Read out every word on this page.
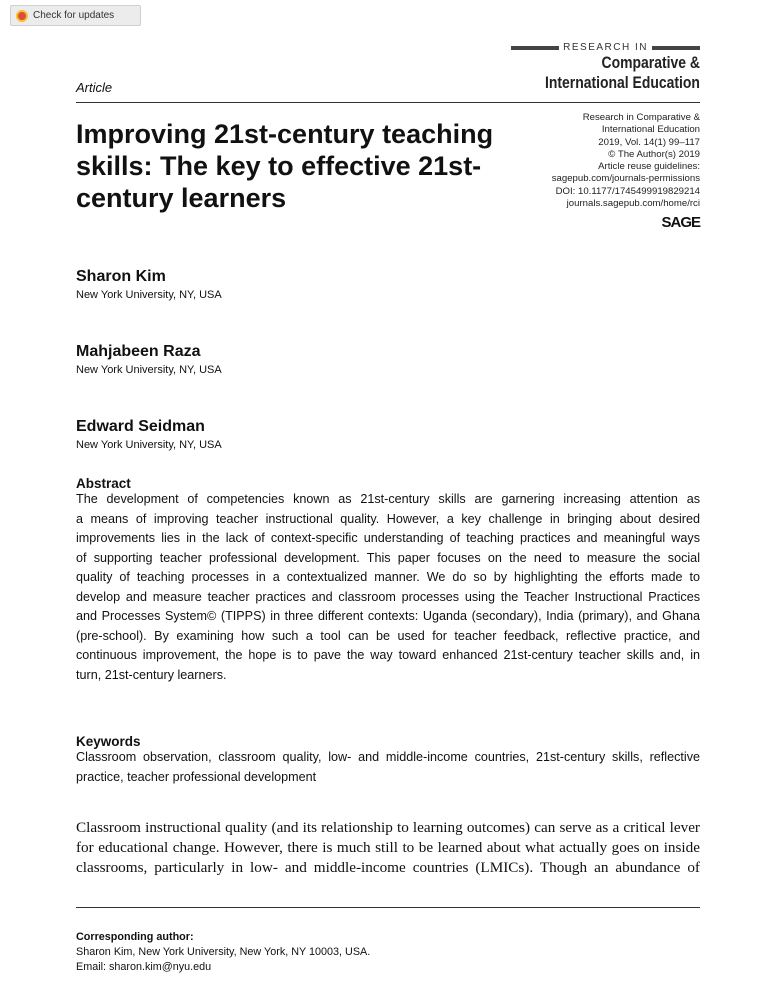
Check for updates
RESEARCH IN
Comparative &
International Education
Article
Improving 21st-century teaching
skills: The key to effective 21st-
century learners
Research in Comparative &
International Education
2019, Vol. 14(1) 99–117
© The Author(s) 2019
Article reuse guidelines:
sagepub.com/journals-permissions
DOI: 10.1177/1745499919829214
journals.sagepub.com/home/rci
SAGE
Sharon Kim
New York University, NY, USA
Mahjabeen Raza
New York University, NY, USA
Edward Seidman
New York University, NY, USA
Abstract
The development of competencies known as 21st-century skills are garnering increasing attention as
a means of improving teacher instructional quality. However, a key challenge in bringing about desired
improvements lies in the lack of context-specific understanding of teaching practices and meaningful ways
of supporting teacher professional development. This paper focuses on the need to measure the social
quality of teaching processes in a contextualized manner. We do so by highlighting the efforts made to
develop and measure teacher practices and classroom processes using the Teacher Instructional Practices
and Processes System© (TIPPS) in three different contexts: Uganda (secondary), India (primary), and Ghana
(pre-school). By examining how such a tool can be used for teacher feedback, reflective practice, and
continuous improvement, the hope is to pave the way toward enhanced 21st-century teacher skills and, in
turn, 21st-century learners.
Keywords
Classroom observation, classroom quality, low- and middle-income countries, 21st-century skills, reflective
practice, teacher professional development
Classroom instructional quality (and its relationship to learning outcomes) can serve as a critical lever
for educational change. However, there is much still to be learned about what actually goes on inside
classrooms, particularly in low- and middle-income countries (LMICs). Though an abundance of
Corresponding author:
Sharon Kim, New York University, New York, NY 10003, USA.
Email: sharon.kim@nyu.edu
